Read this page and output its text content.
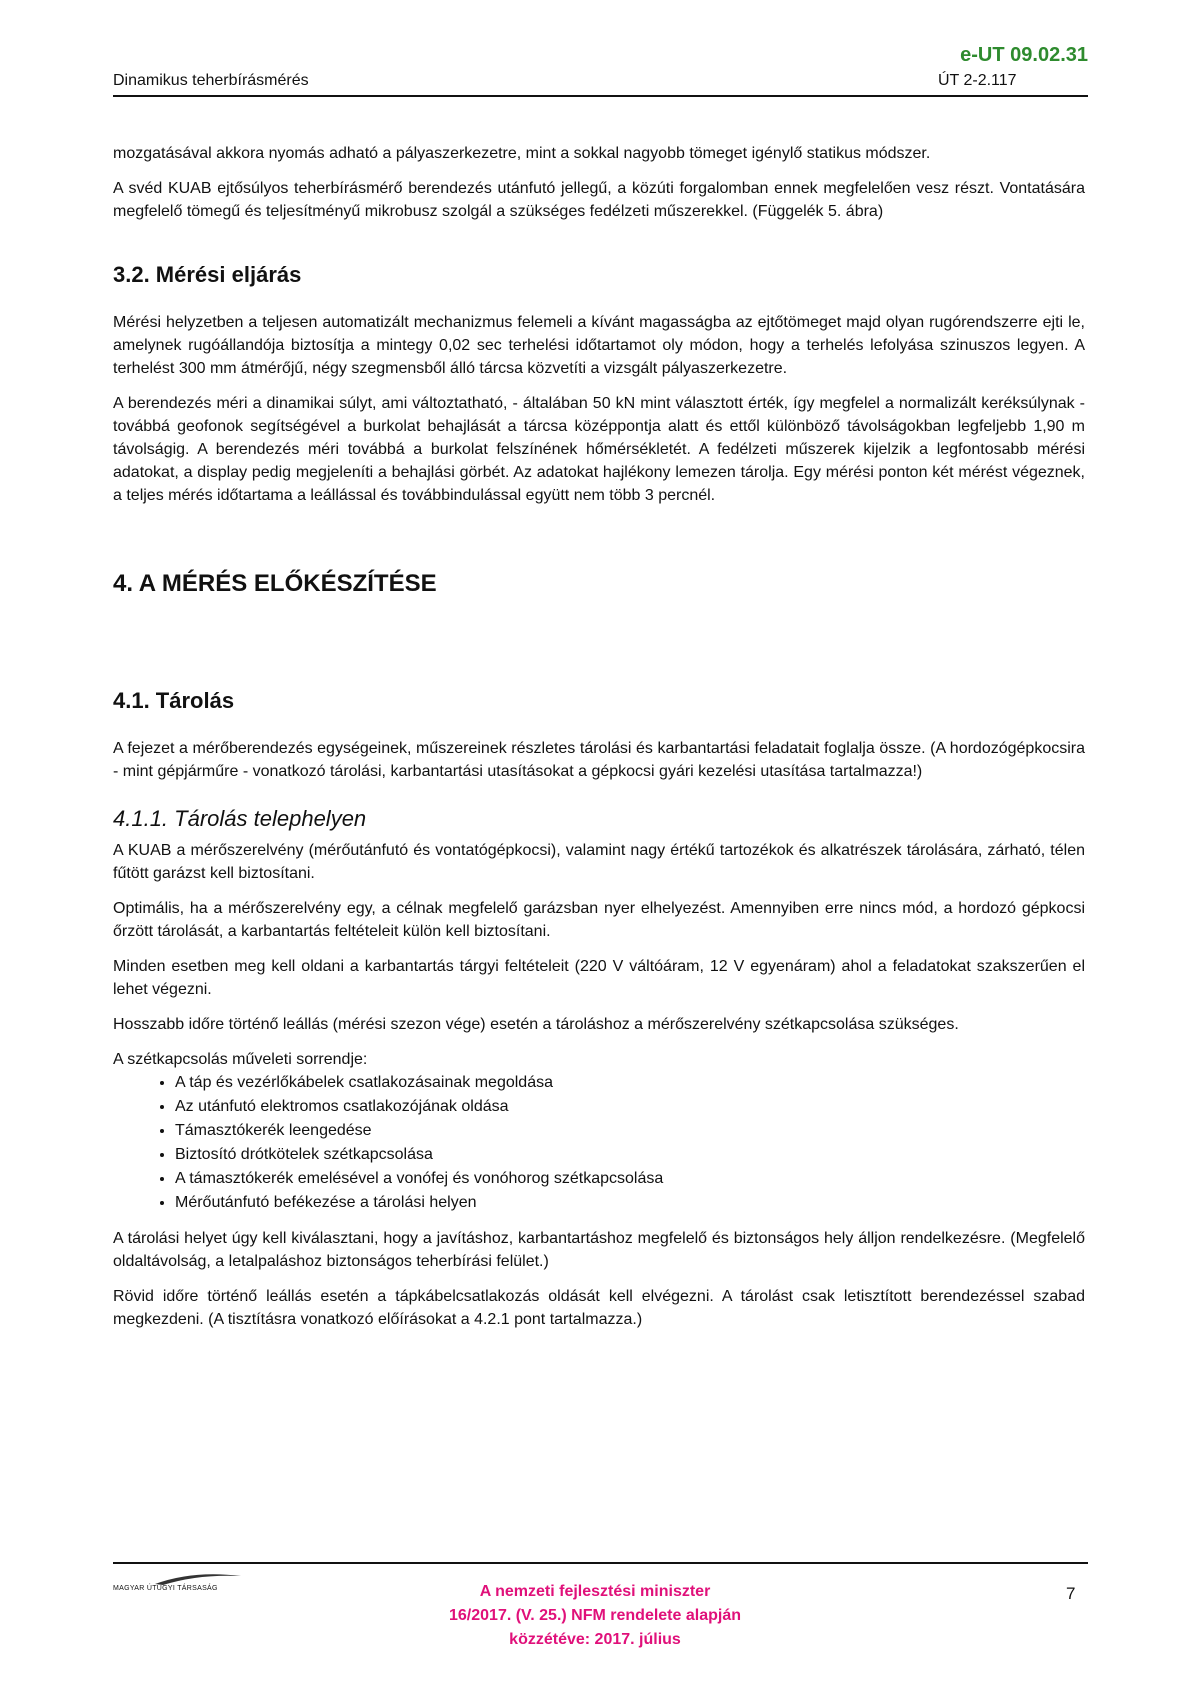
e-UT 09.02.31
Dinamikus teherbírásmérés	ÚT 2-2.117

mozgatásával akkora nyomás adható a pályaszerkezetre, mint a sokkal nagyobb tömeget igénylő statikus módszer.

A svéd KUAB ejtősúlyos teherbírásmérő berendezés utánfutó jellegű, a közúti forgalomban ennek megfelelően vesz részt. Vontatására megfelelő tömegű és teljesítményű mikrobusz szolgál a szükséges fedélzeti műszerekkel. (Függelék 5. ábra)

3.2. Mérési eljárás

Mérési helyzetben a teljesen automatizált mechanizmus felemeli a kívánt magasságba az ejtőtömeget majd olyan rugórendszerre ejti le, amelynek rugóállandója biztosítja a mintegy 0,02 sec terhelési időtartamot oly módon, hogy a terhelés lefolyása szinuszos legyen. A terhelést 300 mm átmérőjű, négy szegmensből álló tárcsa közvetíti a vizsgált pályaszerkezetre.

A berendezés méri a dinamikai súlyt, ami változtatható, - általában 50 kN mint választott érték, így megfelel a normalizált keréksúlynak - továbbá geofonok segítségével a burkolat behajlását a tárcsa középpontja alatt és ettől különböző távolságokban legfeljebb 1,90 m távolságig. A berendezés méri továbbá a burkolat felszínének hőmérsékletét. A fedélzeti műszerek kijelzik a legfontosabb mérési adatokat, a display pedig megjeleníti a behajlási görbét. Az adatokat hajlékony lemezen tárolja. Egy mérési ponton két mérést végeznek, a teljes mérés időtartama a leállással és továbbindulással együtt nem több 3 percnél.

4. A MÉRÉS ELŐKÉSZÍTÉSE
4.1. Tárolás

A fejezet a mérőberendezés egységeinek, műszereinek részletes tárolási és karbantartási feladatait foglalja össze. (A hordozógépkocsira - mint gépjárműre - vonatkozó tárolási, karbantartási utasításokat a gépkocsi gyári kezelési utasítása tartalmazza!)

4.1.1. Tárolás telephelyen

A KUAB a mérőszerelvény (mérőutánfutó és vontatógépkocsi), valamint nagy értékű tartozékok és alkatrészek tárolására, zárható, télen fűtött garázst kell biztosítani.

Optimális, ha a mérőszerelvény egy, a célnak megfelelő garázsban nyer elhelyezést. Amennyiben erre nincs mód, a hordozó gépkocsi őrzött tárolását, a karbantartás feltételeit külön kell biztosítani.

Minden esetben meg kell oldani a karbantartás tárgyi feltételeit (220 V váltóáram, 12 V egyenáram) ahol a feladatokat szakszerűen el lehet végezni.

Hosszabb időre történő leállás (mérési szezon vége) esetén a tároláshoz a mérőszerelvény szétkapcsolása szükséges.

A szétkapcsolás műveleti sorrendje:

• A táp és vezérlőkábelek csatlakozásainak megoldása
• Az utánfutó elektromos csatlakozójának oldása
• Támasztókerék leengedése
• Biztosító drótkötelek szétkapcsolása
• A támasztókerék emelésével a vonófej és vonóhorog szétkapcsolása
• Mérőutánfutó befékezése a tárolási helyen

A tárolási helyet úgy kell kiválasztani, hogy a javításhoz, karbantartáshoz megfelelő és biztonságos hely álljon rendelkezésre. (Megfelelő oldaltávolság, a letalpaláshoz biztonságos teherbírási felület.)

Rövid időre történő leállás esetén a tápkábelcsatlakozás oldását kell elvégezni. A tárolást csak letisztított berendezéssel szabad megkezdeni. (A tisztításra vonatkozó előírásokat a 4.2.1 pont tartalmazza.)

MAGYAR ÚTÜGYI TÁRSASÁG	7
A nemzeti fejlesztési miniszter
16/2017. (V. 25.) NFM rendelete alapján
közzétéve: 2017. július
